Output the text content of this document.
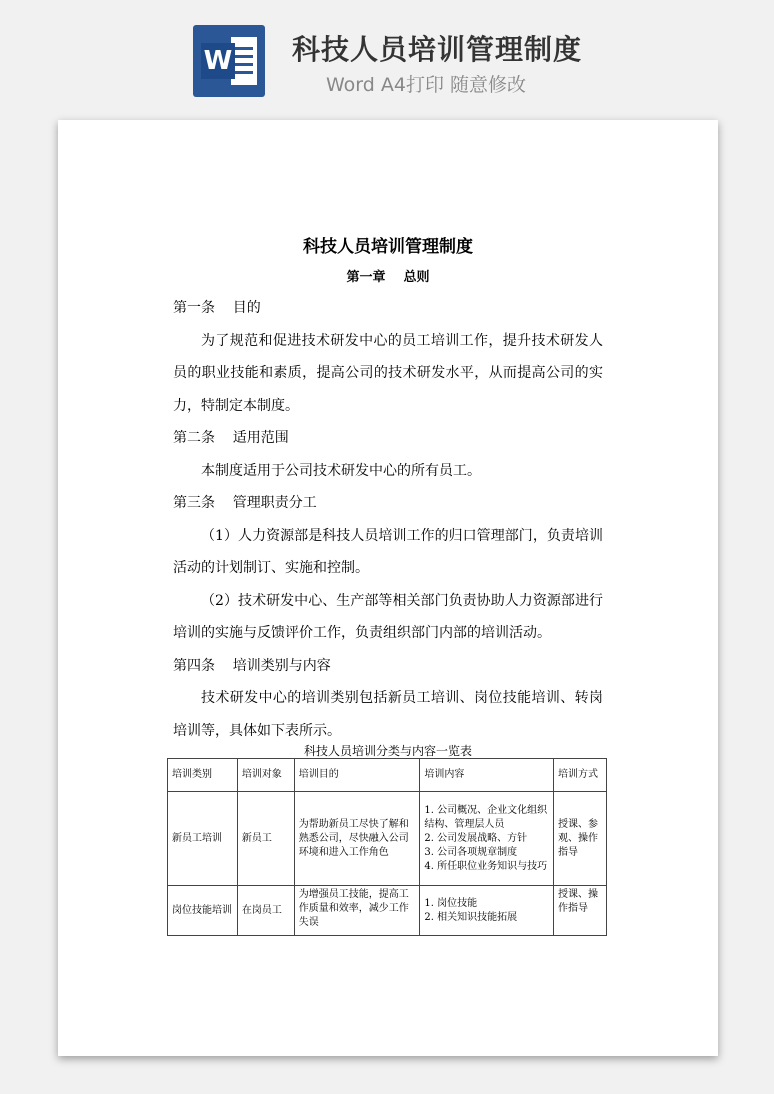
W 科技人员培训管理制度
Word A4打印 随意修改
科技人员培训管理制度
第一章    总则

第一条    目的

为了规范和促进技术研发中心的员工培训工作，提升技术研发人员的职业技能和素质，提高公司的技术研发水平，从而提高公司的实力，特制定本制度。

第二条    适用范围

本制度适用于公司技术研发中心的所有员工。

第三条    管理职责分工

（1）人力资源部是科技人员培训工作的归口管理部门，负责培训活动的计划制订、实施和控制。

（2）技术研发中心、生产部等相关部门负责协助人力资源部进行培训的实施与反馈评价工作，负责组织部门内部的培训活动。

第四条    培训类别与内容

技术研发中心的培训类别包括新员工培训、岗位技能培训、转岗培训等，具体如下表所示。

科技人员培训分类与内容一览表
培训类别	培训对象	培训目的	培训内容	培训方式
新员工培训	新员工	为帮助新员工尽快了解和熟悉公司，尽快融入公司环境和进入工作角色	1. 公司概况、企业文化组织结构、管理层人员
2. 公司发展战略、方针
3. 公司各项规章制度
4. 所任职位业务知识与技巧	授课、参观、操作指导
岗位技能培训	在岗员工	为增强员工技能，提高工作质量和效率，减少工作失误	1. 岗位技能
2. 相关知识技能拓展	授课、操作指导
